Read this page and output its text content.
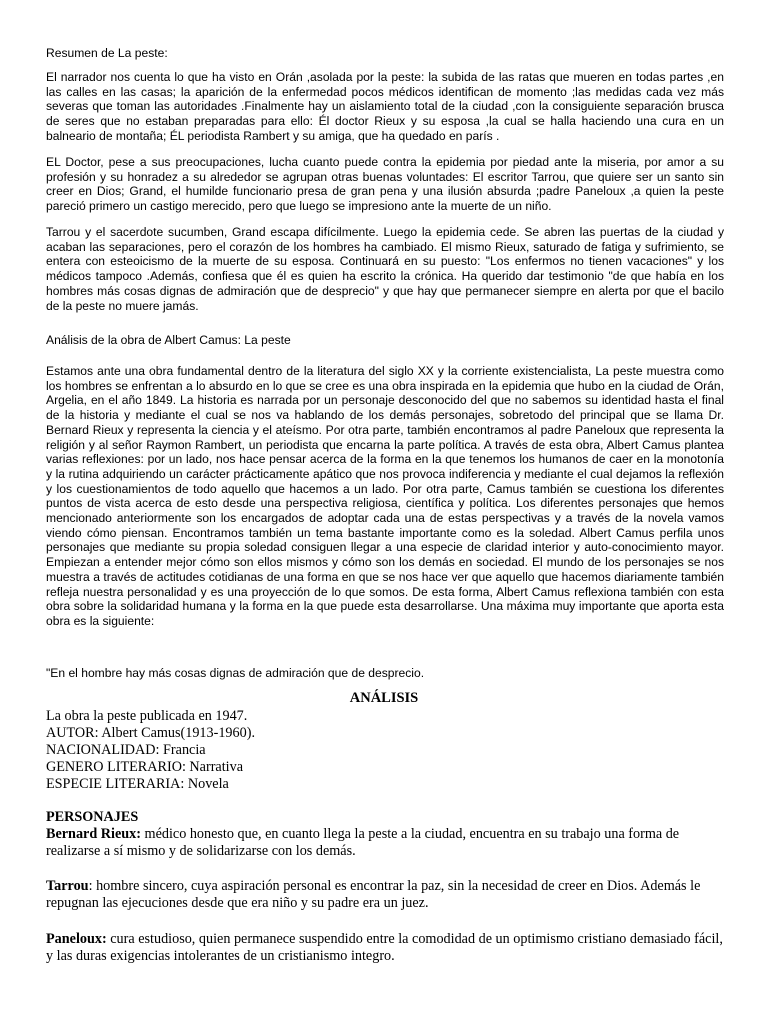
Resumen de La peste:

El narrador nos cuenta lo que ha visto en Orán ,asolada por la peste: la subida de las ratas que mueren en todas partes ,en las calles en las casas; la aparición de la enfermedad pocos médicos identifican de momento ;las medidas cada vez más severas que toman las autoridades .Finalmente hay un aislamiento total de la ciudad ,con la consiguiente separación brusca de seres que no estaban preparadas para ello: Él doctor Rieux y su esposa ,la cual se halla haciendo una cura en un balneario de montaña; ÉL periodista Rambert y su amiga, que ha quedado en parís .

EL Doctor, pese a sus preocupaciones, lucha cuanto puede contra la epidemia por piedad ante la miseria, por amor a su profesión y su honradez a su alrededor se agrupan otras buenas voluntades: El escritor Tarrou, que quiere ser un santo sin creer en Dios; Grand, el humilde funcionario presa de gran pena y una ilusión absurda ;padre Paneloux ,a quien la peste pareció primero un castigo merecido, pero que luego se impresiono ante la muerte de un niño.

Tarrou y el sacerdote sucumben, Grand escapa difícilmente. Luego la epidemia cede. Se abren las puertas de la ciudad y acaban las separaciones, pero el corazón de los hombres ha cambiado. El mismo Rieux, saturado de fatiga y sufrimiento, se entera con esteoicismo de la muerte de su esposa. Continuará en su puesto: "Los enfermos no tienen vacaciones" y los médicos tampoco .Además, confiesa que él es quien ha escrito la crónica. Ha querido dar testimonio "de que había en los hombres más cosas dignas de admiración que de desprecio" y que hay que permanecer siempre en alerta por que el bacilo de la peste no muere jamás.

Análisis de la obra de Albert Camus: La peste

Estamos ante una obra fundamental dentro de la literatura del siglo XX y la corriente existencialista, La peste muestra como los hombres se enfrentan a lo absurdo en lo que se cree es una obra inspirada en la epidemia que hubo en la ciudad de Orán, Argelia, en el año 1849. La historia es narrada por un personaje desconocido del que no sabemos su identidad hasta el final de la historia y mediante el cual se nos va hablando de los demás personajes, sobretodo del principal que se llama Dr. Bernard Rieux y representa la ciencia y el ateísmo. Por otra parte, también encontramos al padre Paneloux que representa la religión y al señor Raymon Rambert, un periodista que encarna la parte política. A través de esta obra, Albert Camus plantea varias reflexiones: por un lado, nos hace pensar acerca de la forma en la que tenemos los humanos de caer en la monotonía y la rutina adquiriendo un carácter prácticamente apático que nos provoca indiferencia y mediante el cual dejamos la reflexión y los cuestionamientos de todo aquello que hacemos a un lado. Por otra parte, Camus también se cuestiona los diferentes puntos de vista acerca de esto desde una perspectiva religiosa, científica y política. Los diferentes personajes que hemos mencionado anteriormente son los encargados de adoptar cada una de estas perspectivas y a través de la novela vamos viendo cómo piensan. Encontramos también un tema bastante importante como es la soledad. Albert Camus perfila unos personajes que mediante su propia soledad consiguen llegar a una especie de claridad interior y auto-conocimiento mayor. Empiezan a entender mejor cómo son ellos mismos y cómo son los demás en sociedad. El mundo de los personajes se nos muestra a través de actitudes cotidianas de una forma en que se nos hace ver que aquello que hacemos diariamente también refleja nuestra personalidad y es una proyección de lo que somos. De esta forma, Albert Camus reflexiona también con esta obra sobre la solidaridad humana y la forma en la que puede esta desarrollarse. Una máxima muy importante que aporta esta obra es la siguiente:

"En el hombre hay más cosas dignas de admiración que de desprecio.

ANÁLISIS
La obra la peste publicada en 1947.
AUTOR: Albert Camus(1913-1960).
NACIONALIDAD: Francia
GENERO LITERARIO: Narrativa
ESPECIE LITERARIA: Novela
PERSONAJES

Bernard Rieux: médico honesto que, en cuanto llega la peste a la ciudad, encuentra en su trabajo una forma de realizarse a sí mismo y de solidarizarse con los demás.

Tarrou: hombre sincero, cuya aspiración personal es encontrar la paz, sin la necesidad de creer en Dios. Además le repugnan las ejecuciones desde que era niño y su padre era un juez.

Paneloux: cura estudioso, quien permanece suspendido entre la comodidad de un optimismo cristiano demasiado fácil, y las duras exigencias intolerantes de un cristianismo integro.
